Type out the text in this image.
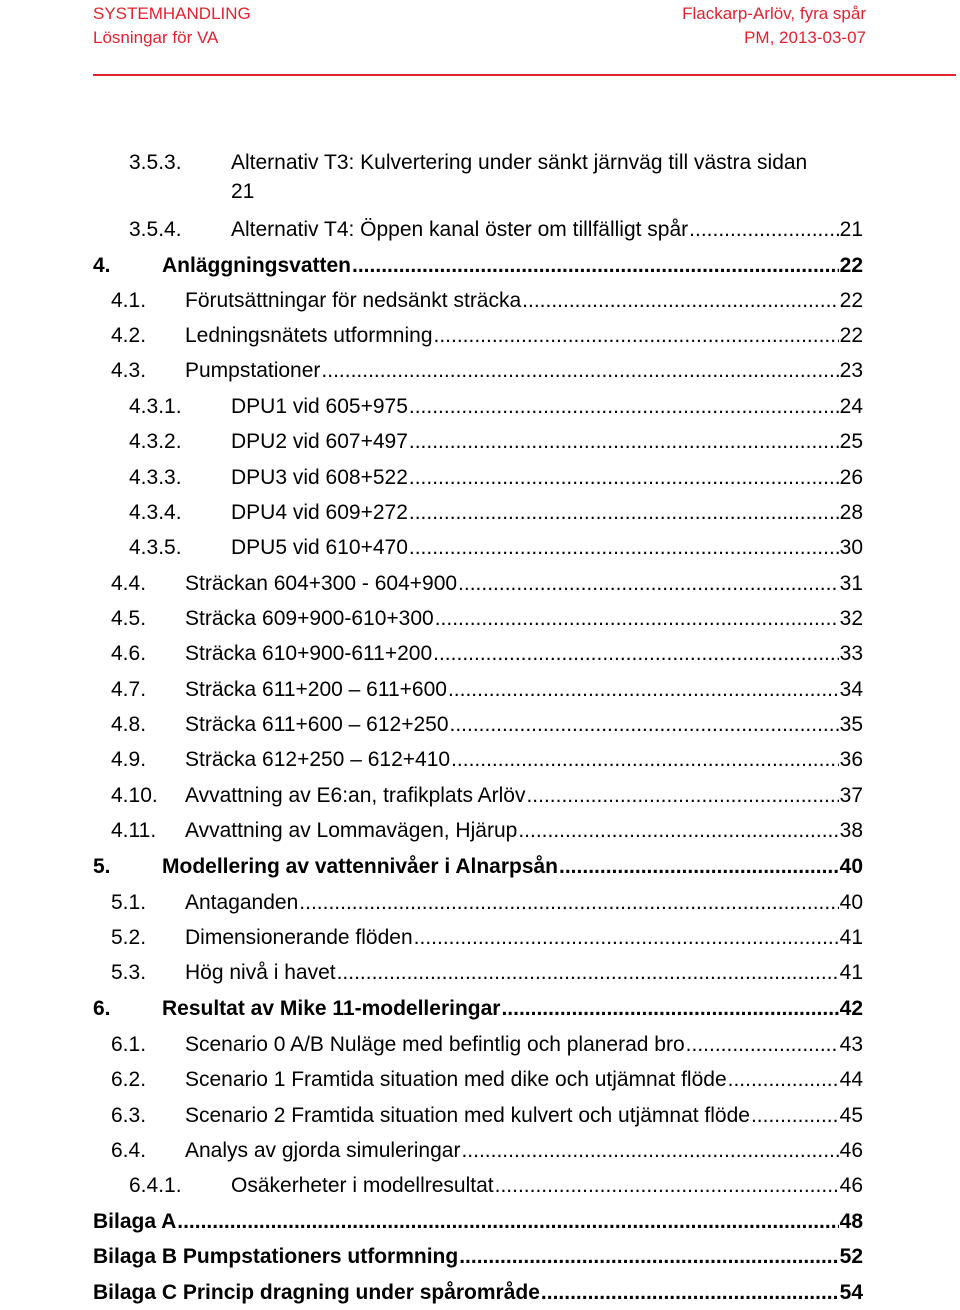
SYSTEMHANDLING
Lösningar för VA
Flackarp-Arlöv, fyra spår
PM, 2013-03-07
3.5.3. Alternativ T3: Kulvertering under sänkt järnväg till västra sidan
21
3.5.4. Alternativ T4: Öppen kanal öster om tillfälligt spår .....	21
4. Anläggningsvatten .....	22
4.1. Förutsättningar för nedsänkt sträcka .....	22
4.2. Ledningsnätets utformning .....	22
4.3. Pumpstationer .....	23
4.3.1. DPU1 vid 605+975 .....	24
4.3.2. DPU2 vid 607+497 .....	25
4.3.3. DPU3 vid 608+522 .....	26
4.3.4. DPU4 vid 609+272 .....	28
4.3.5. DPU5 vid 610+470 .....	30
4.4. Sträckan 604+300 - 604+900 .....	31
4.5. Sträcka 609+900-610+300 .....	32
4.6. Sträcka 610+900-611+200 .....	33
4.7. Sträcka 611+200 – 611+600 .....	34
4.8. Sträcka 611+600 – 612+250 .....	35
4.9. Sträcka 612+250 – 612+410 .....	36
4.10. Avvattning av E6:an, trafikplats Arlöv .....	37
4.11. Avvattning av Lommavägen, Hjärup .....	38
5. Modellering av vattennivåer i Alnarpsån .....	40
5.1. Antaganden .....	40
5.2. Dimensionerande flöden .....	41
5.3. Hög nivå i havet .....	41
6. Resultat av Mike 11-modelleringar .....	42
6.1. Scenario 0 A/B Nuläge med befintlig och planerad bro .....	43
6.2. Scenario 1 Framtida situation med dike och utjämnat flöde .....	44
6.3. Scenario 2 Framtida situation med kulvert och utjämnat flöde .....	45
6.4. Analys av gjorda simuleringar .....	46
6.4.1. Osäkerheter i modellresultat .....	46
Bilaga A .....	48
Bilaga B Pumpstationers utformning .....	52
Bilaga C Princip dragning under spårområde .....	54
